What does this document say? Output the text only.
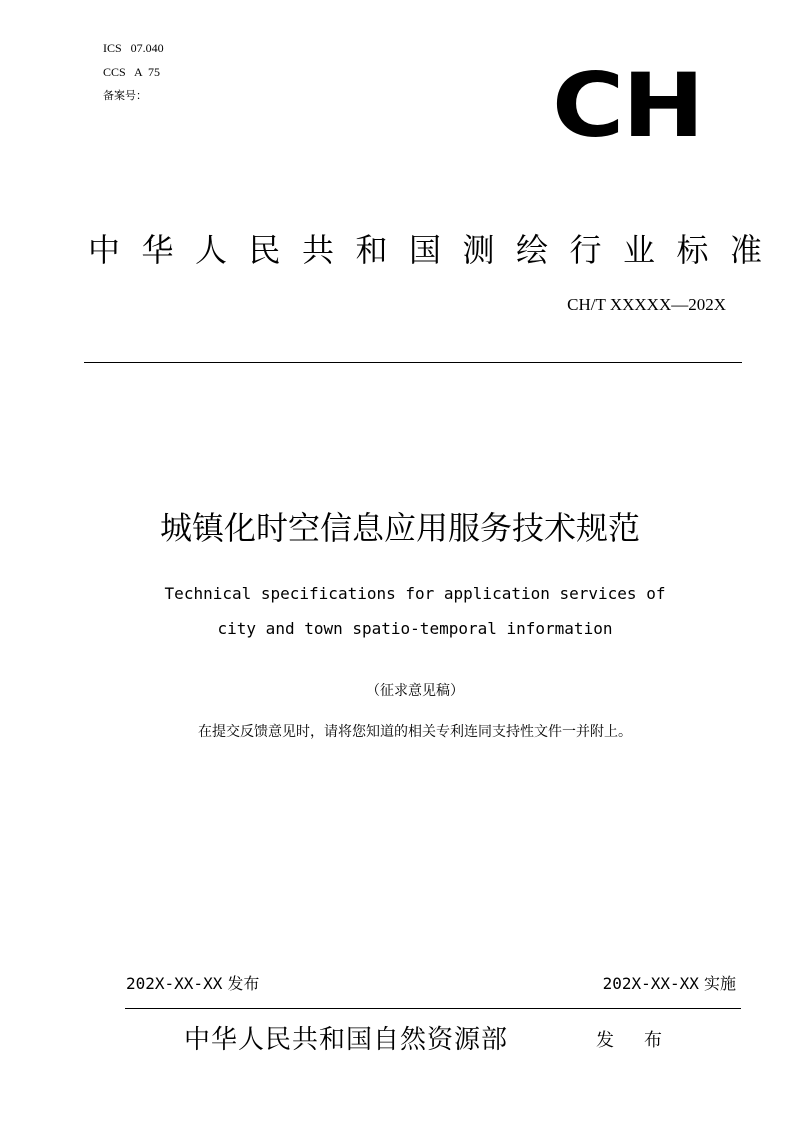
ICS   07.040
CCS   A  75
备案号：	CH
中华人民共和国测绘行业标准
CH/T XXXXX—202X
城镇化时空信息应用服务技术规范
Technical specifications for application services of
city and town spatio-temporal information
（征求意见稿）
在提交反馈意见时，请将您知道的相关专利连同支持性文件一并附上。
202X-XX-XX 发布	202X-XX-XX 实施
中华人民共和国自然资源部	发布
